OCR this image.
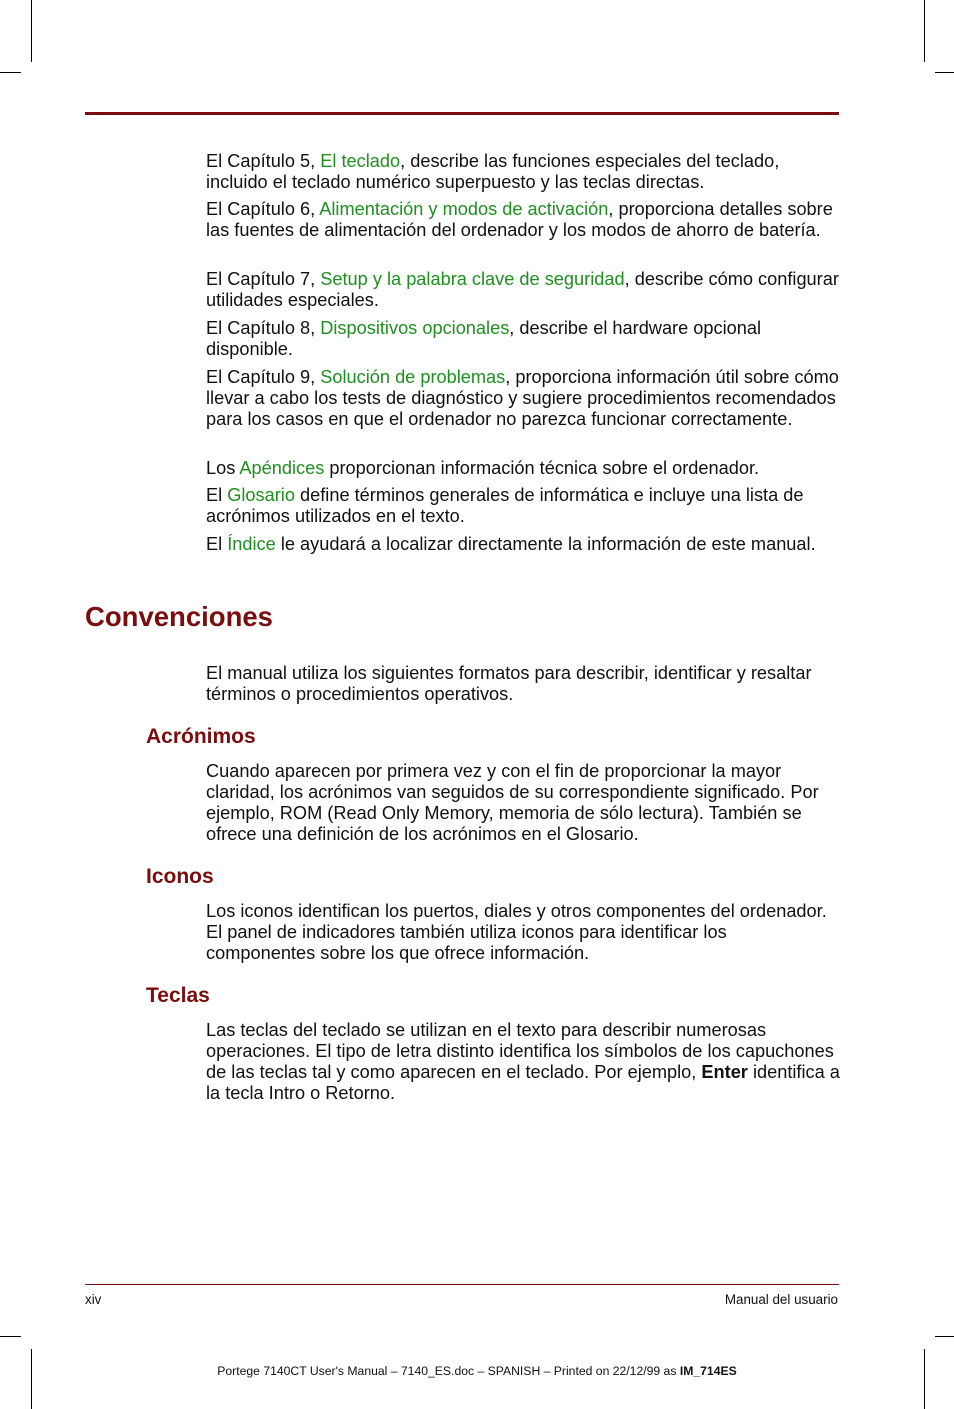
El Capítulo 5, El teclado, describe las funciones especiales del teclado, incluido el teclado numérico superpuesto y las teclas directas.

El Capítulo 6, Alimentación y modos de activación, proporciona detalles sobre las fuentes de alimentación del ordenador y los modos de ahorro de batería.

El Capítulo 7, Setup y la palabra clave de seguridad, describe cómo configurar utilidades especiales.

El Capítulo 8, Dispositivos opcionales, describe el hardware opcional disponible.

El Capítulo 9, Solución de problemas, proporciona información útil sobre cómo llevar a cabo los tests de diagnóstico y sugiere procedimientos recomendados para los casos en que el ordenador no parezca funcionar correctamente.

Los Apéndices proporcionan información técnica sobre el ordenador.

El Glosario define términos generales de informática e incluye una lista de acrónimos utilizados en el texto.

El Índice le ayudará a localizar directamente la información de este manual.

Convenciones

El manual utiliza los siguientes formatos para describir, identificar y resaltar términos o procedimientos operativos.

Acrónimos

Cuando aparecen por primera vez y con el fin de proporcionar la mayor claridad, los acrónimos van seguidos de su correspondiente significado. Por ejemplo, ROM (Read Only Memory, memoria de sólo lectura). También se ofrece una definición de los acrónimos en el Glosario.

Iconos

Los iconos identifican los puertos, diales y otros componentes del ordenador. El panel de indicadores también utiliza iconos para identificar los componentes sobre los que ofrece información.

Teclas

Las teclas del teclado se utilizan en el texto para describir numerosas operaciones. El tipo de letra distinto identifica los símbolos de los capuchones de las teclas tal y como aparecen en el teclado. Por ejemplo, Enter identifica a la tecla Intro o Retorno.

xiv	Manual del usuario

Portege 7140CT User's Manual – 7140_ES.doc – SPANISH – Printed on 22/12/99 as IM_714ES
